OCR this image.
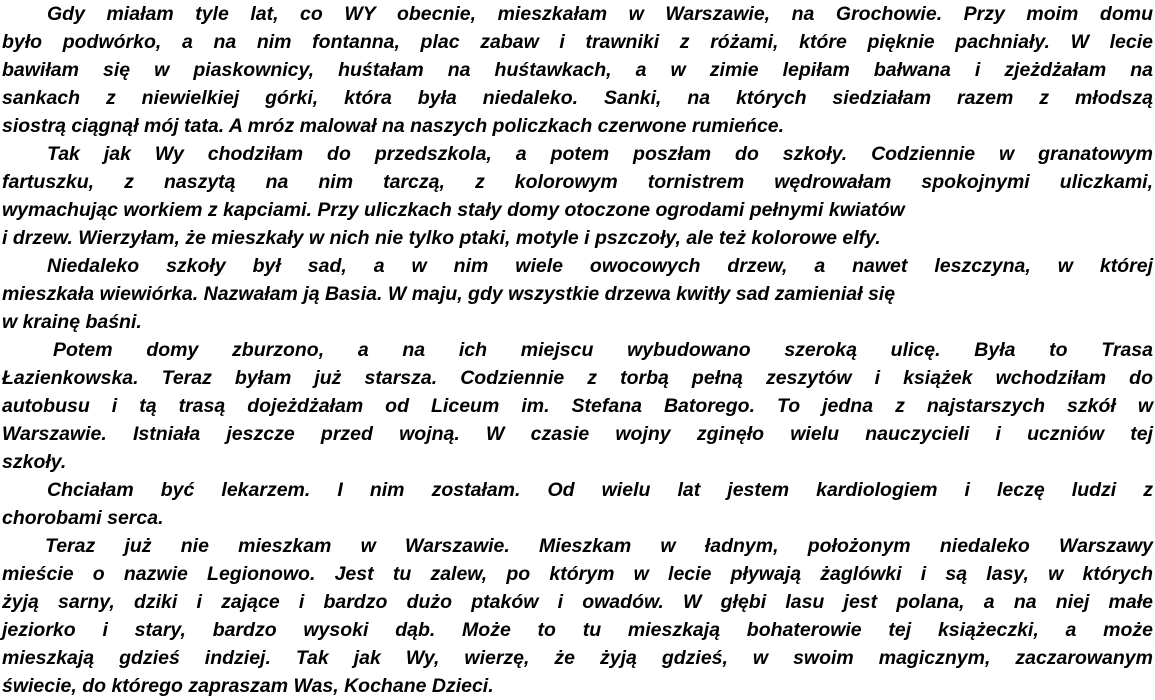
Gdy miałam tyle lat, co WY obecnie, mieszkałam w Warszawie, na Grochowie. Przy moim domu
było podwórko, a na nim fontanna, plac zabaw i trawniki z różami, które pięknie pachniały. W lecie
bawiłam się w piaskownicy, huśtałam na huśtawkach, a w zimie lepiłam bałwana i zjeżdżałam na
sankach z niewielkiej górki, która była niedaleko. Sanki, na których siedziałam razem z młodszą
siostrą ciągnął mój tata. A mróz malował na naszych policzkach czerwone rumieńce.
Tak jak Wy chodziłam do przedszkola, a potem poszłam do szkoły. Codziennie w granatowym
fartuszku, z naszytą na nim tarczą, z kolorowym tornistrem wędrowałam spokojnymi uliczkami,
wymachując workiem z kapciami. Przy uliczkach stały domy otoczone ogrodami pełnymi kwiatów
i drzew. Wierzyłam, że mieszkały w nich nie tylko ptaki, motyle i pszczoły, ale też kolorowe elfy.
Niedaleko szkoły był sad, a w nim wiele owocowych drzew, a nawet leszczyna, w której
mieszkała wiewiórka. Nazwałam ją Basia. W maju, gdy wszystkie drzewa kwitły sad zamieniał się
w krainę baśni.
Potem domy zburzono, a na ich miejscu wybudowano szeroką ulicę. Była to Trasa
Łazienkowska. Teraz byłam już starsza. Codziennie z torbą pełną zeszytów i książek wchodziłam do
autobusu i tą trasą dojeżdżałam od Liceum im. Stefana Batorego. To jedna z najstarszych szkół w
Warszawie. Istniała jeszcze przed wojną. W czasie wojny zginęło wielu nauczycieli i uczniów tej
szkoły.
Chciałam być lekarzem. I nim zostałam. Od wielu lat jestem kardiologiem i leczę ludzi z
chorobami serca.
Teraz już nie mieszkam w Warszawie. Mieszkam w ładnym, położonym niedaleko Warszawy
mieście o nazwie Legionowo. Jest tu zalew, po którym w lecie pływają żaglówki i są lasy, w których
żyją sarny, dziki i zające i bardzo dużo ptaków i owadów. W głębi lasu jest polana, a na niej małe
jeziorko i stary, bardzo wysoki dąb. Może to tu mieszkają bohaterowie tej książeczki, a może
mieszkają gdzieś indziej. Tak jak Wy, wierzę, że żyją gdzieś, w swoim magicznym, zaczarowanym
świecie, do którego zapraszam Was, Kochane Dzieci.
